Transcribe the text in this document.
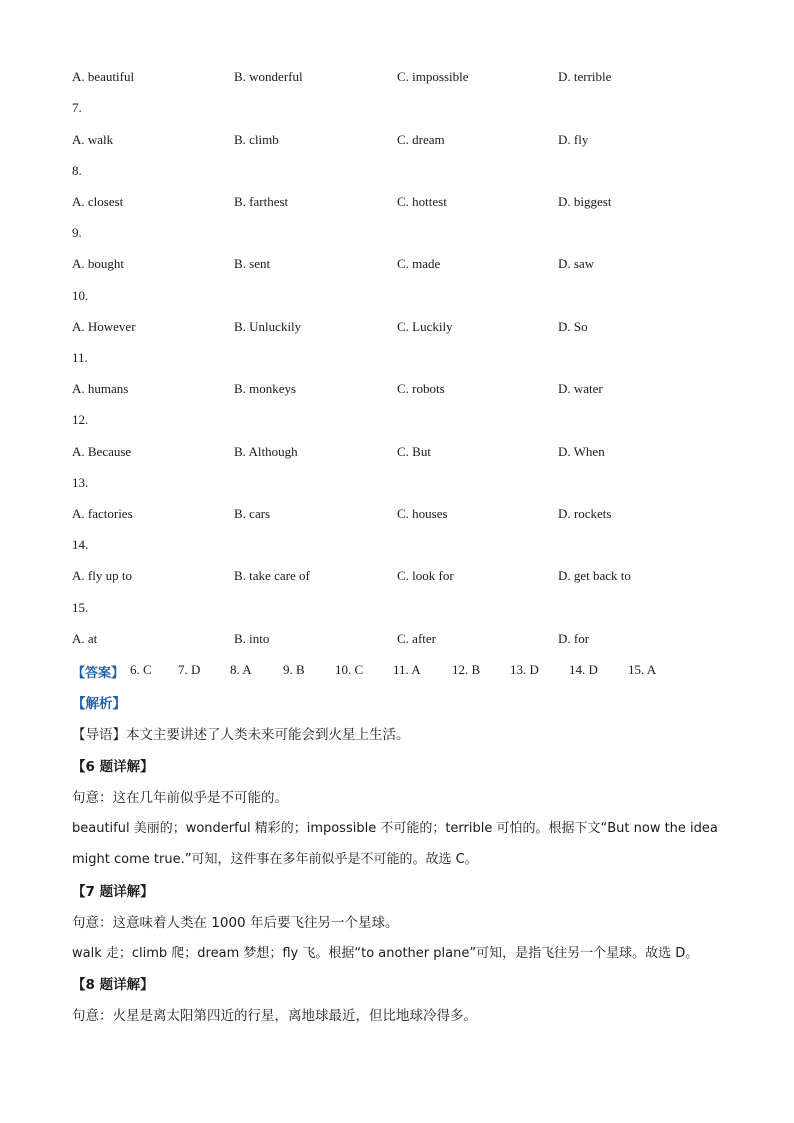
A. beautiful	B. wonderful	C. impossible	D. terrible
7.
A. walk	B. climb	C. dream	D. fly
8.
A. closest	B. farthest	C. hottest	D. biggest
9.
A. bought	B. sent	C. made	D. saw
10.
A. However	B. Unluckily	C. Luckily	D. So
11.
A. humans	B. monkeys	C. robots	D. water
12.
A. Because	B. Although	C. But	D. When
13.
A. factories	B. cars	C. houses	D. rockets
14.
A. fly up to	B. take care of	C. look for	D. get back to
15.
A. at	B. into	C. after	D. for
【答案】 6. C 7. D 8. A 9. B 10. C 11. A 12. B 13. D 14. D 15. A
【解析】
【导语】本文主要讲述了人类未来可能会到火星上生活。
【6 题详解】
句意：这在几年前似乎是不可能的。
beautiful 美丽的；wonderful 精彩的；impossible 不可能的；terrible 可怕的。根据下文“But now the idea
might come true.”可知，这件事在多年前似乎是不可能的。故选 C。
【7 题详解】
句意：这意味着人类在 1000 年后要飞往另一个星球。
walk 走；climb 爬；dream 梦想；fly 飞。根据“to another plane”可知，是指飞往另一个星球。故选 D。
【8 题详解】
句意：火星是离太阳第四近的行星，离地球最近，但比地球冷得多。
